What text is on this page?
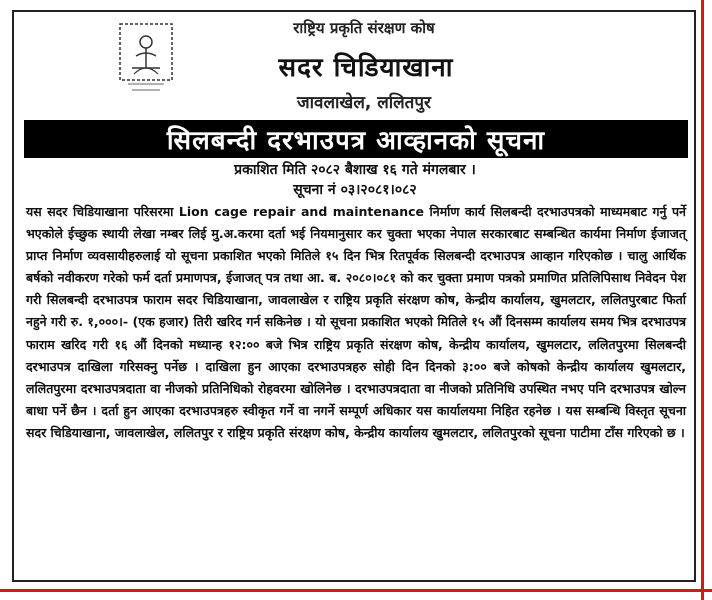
राष्ट्रिय प्रकृति संरक्षण कोष
सदर चिडियाखाना
जावलाखेल, ललितपुर
सिलबन्दी दरभाउपत्र आव्हानको सूचना
प्रकाशित मिति २०८२ बैशाख १६ गते मंगलबार ।
सूचना नं ०३।२०८१।०८२
यस सदर चिडियाखाना परिसरमा Lion cage repair and maintenance निर्माण कार्य सिलबन्दी दरभाउपत्रको माध्यमबाट गर्नु पर्ने भएकोले ईच्छुक स्थायी लेखा नम्बर लिई मु.अ.करमा दर्ता भई नियमानुसार कर चुक्ता भएका नेपाल सरकारबाट सम्बन्धित कार्यमा निर्माण ईजाजत् प्राप्त निर्माण व्यवसायीहरुलाई यो सूचना प्रकाशित भएको मितिले १५ दिन भित्र रितपूर्वक सिलबन्दी दरभाउपत्र आव्हान गरिएकोछ । चालु आर्थिक बर्षको नवीकरण गरेको फर्म दर्ता प्रमाणपत्र, ईजाजत् पत्र तथा आ. ब. २०८०।०८१ को कर चुक्ता प्रमाण पत्रको प्रमाणित प्रतिलिपिसाथ निवेदन पेश गरी सिलबन्दी दरभाउपत्र फाराम सदर चिडियाखाना, जावलाखेल र राष्ट्रिय प्रकृति संरक्षण कोष, केन्द्रीय कार्यालय, खुमलटार, ललितपुरबाट फिर्ता नहुने गरी रु. १,०००।- (एक हजार) तिरी खरिद गर्न सकिनेछ । यो सूचना प्रकाशित भएको मितिले १५ औं दिनसम्म कार्यालय समय भित्र दरभाउपत्र फाराम खरिद गरी १६ औं दिनको मध्यान्ह १२:०० बजे भित्र राष्ट्रिय प्रकृति संरक्षण कोष, केन्द्रीय कार्यालय, खुमलटार, ललितपुरमा सिलबन्दी दरभाउपत्र दाखिला गरिसक्नु पर्नेछ । दाखिला हुन आएका दरभाउपत्रहरु सोही दिन दिनको ३:०० बजे कोषको केन्द्रीय कार्यालय खुमलटार, ललितपुरमा दरभाउपत्रदाता वा नीजको प्रतिनिधिको रोहवरमा खोलिनेछ । दरभाउपत्रदाता वा नीजको प्रतिनिधि उपस्थित नभए पनि दरभाउपत्र खोल्न बाधा पर्ने छैन । दर्ता हुन आएका दरभाउपत्रहरु स्वीकृत गर्ने वा नगर्ने सम्पूर्ण अधिकार यस कार्यालयमा निहित रहनेछ । यस सम्बन्धि विस्तृत सूचना सदर चिडियाखाना, जावलाखेल, ललितपुर र राष्ट्रिय प्रकृति संरक्षण कोष, केन्द्रीय कार्यालय खुमलटार, ललितपुरको सूचना पाटीमा टाँस गरिएको छ ।
